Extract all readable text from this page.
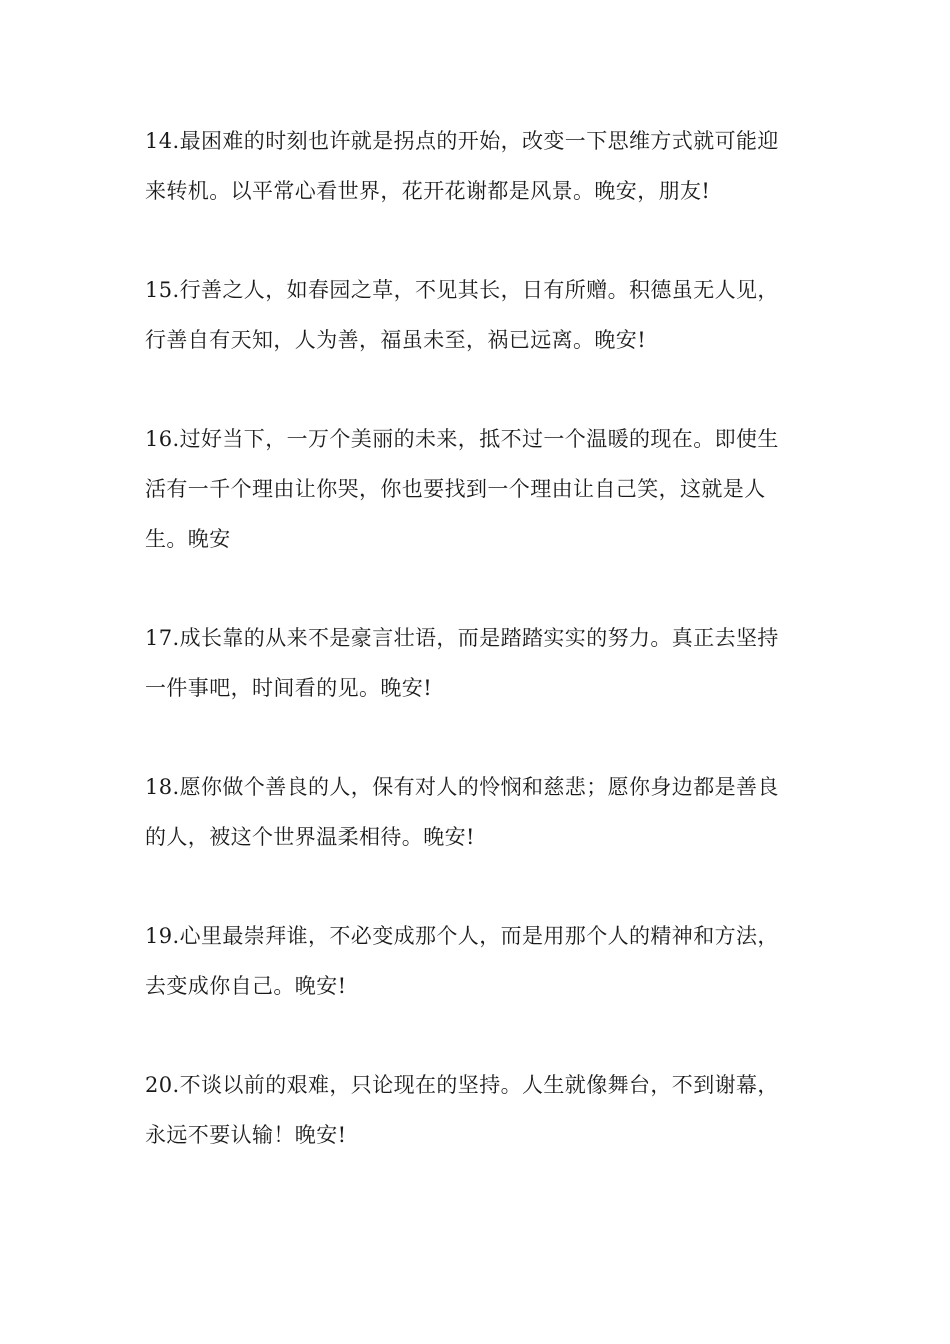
14.最困难的时刻也许就是拐点的开始，改变一下思维方式就可能迎
来转机。以平常心看世界，花开花谢都是风景。晚安，朋友!
15.行善之人，如春园之草，不见其长，日有所赠。积德虽无人见，
行善自有天知，人为善，福虽未至，祸已远离。晚安!
16.过好当下，一万个美丽的未来，抵不过一个温暖的现在。即使生
活有一千个理由让你哭，你也要找到一个理由让自己笑，这就是人
生。晚安
17.成长靠的从来不是豪言壮语，而是踏踏实实的努力。真正去坚持
一件事吧，时间看的见。晚安!
18.愿你做个善良的人，保有对人的怜悯和慈悲；愿你身边都是善良
的人，被这个世界温柔相待。晚安!
19.心里最崇拜谁，不必变成那个人，而是用那个人的精神和方法，
去变成你自己。晚安!
20.不谈以前的艰难，只论现在的坚持。人生就像舞台，不到谢幕，
永远不要认输！晚安!
